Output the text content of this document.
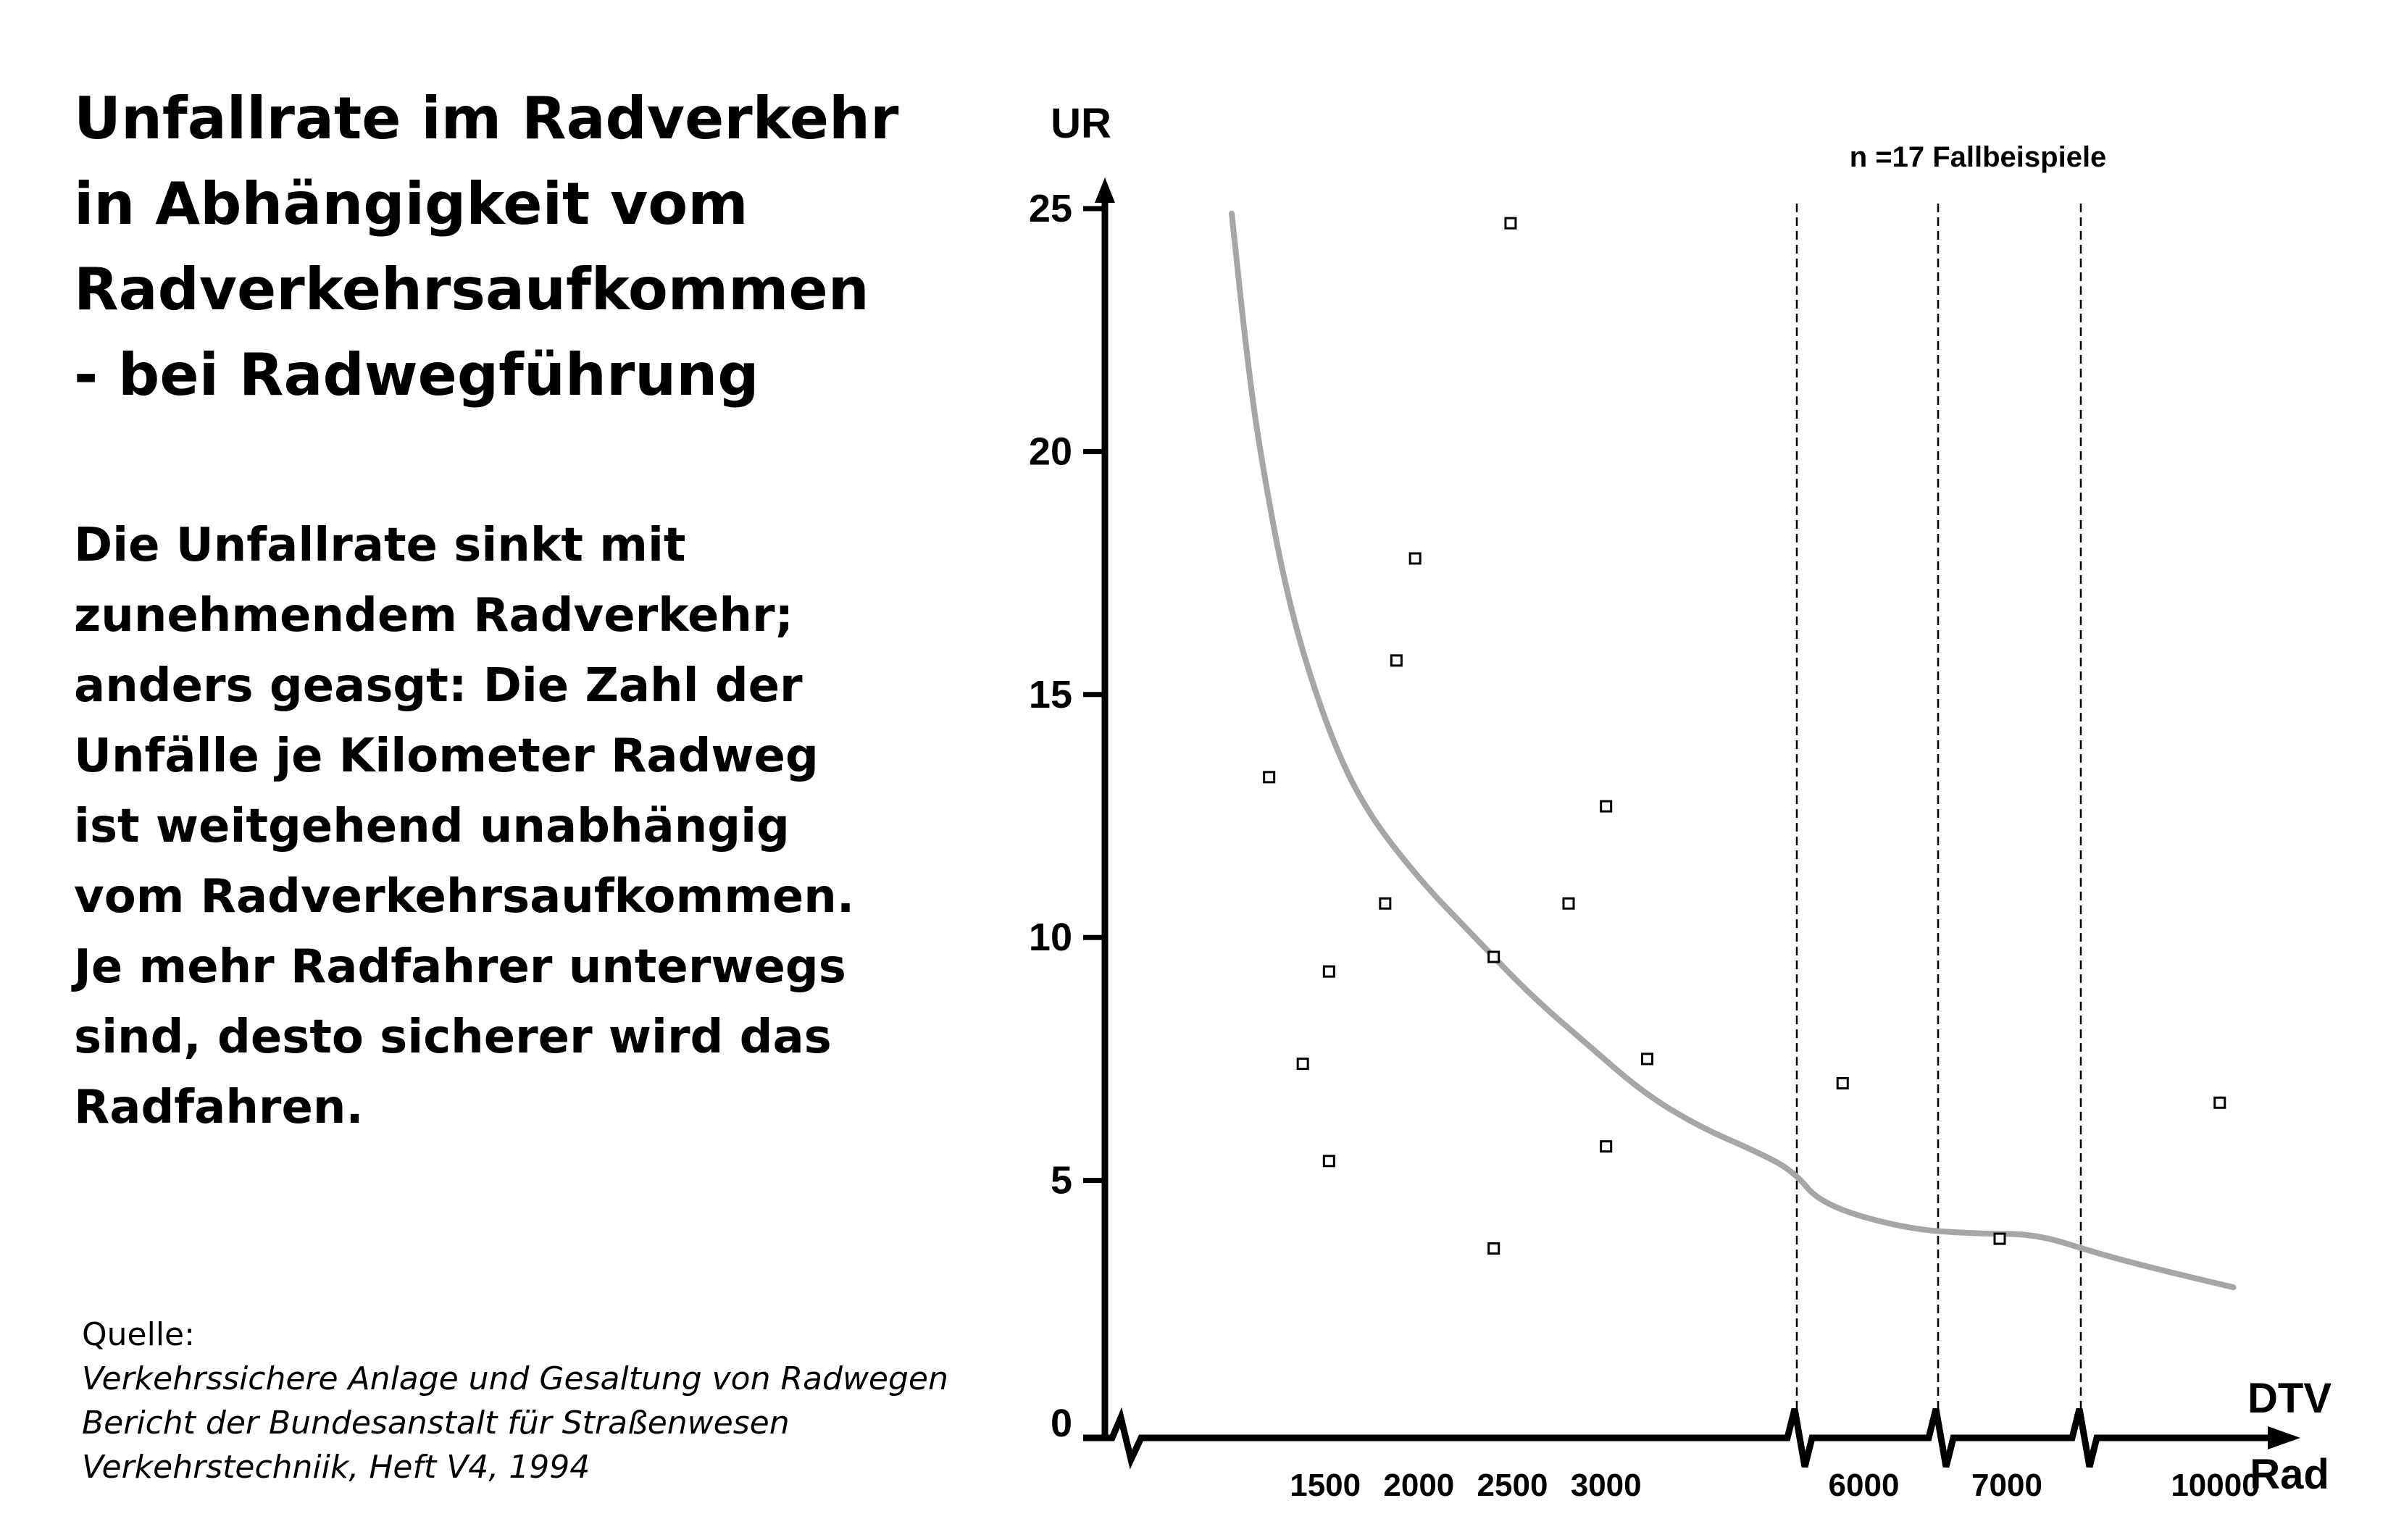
Unfallrate im Radverkehr
in Abhängigkeit vom
Radverkehrsaufkommen
- bei Radwegführung
Die Unfallrate sinkt mit
zunehmendem Radverkehr;
anders geasgt: Die Zahl der
Unfälle je Kilometer Radweg
ist weitgehend unabhängig
vom Radverkehrsaufkommen.
Je mehr Radfahrer unterwegs
sind, desto sicherer wird das
Radfahren.
Quelle:
Verkehrssichere Anlage und Gesaltung von Radwegen
Bericht der Bundesanstalt für Straßenwesen
Verkehrstechniik, Heft V4, 1994
0
5
10
15
20
25
UR
DTV
Rad
1500 2000 2500 3000	6000 7000	10000
n =17 Fallbeispiele
